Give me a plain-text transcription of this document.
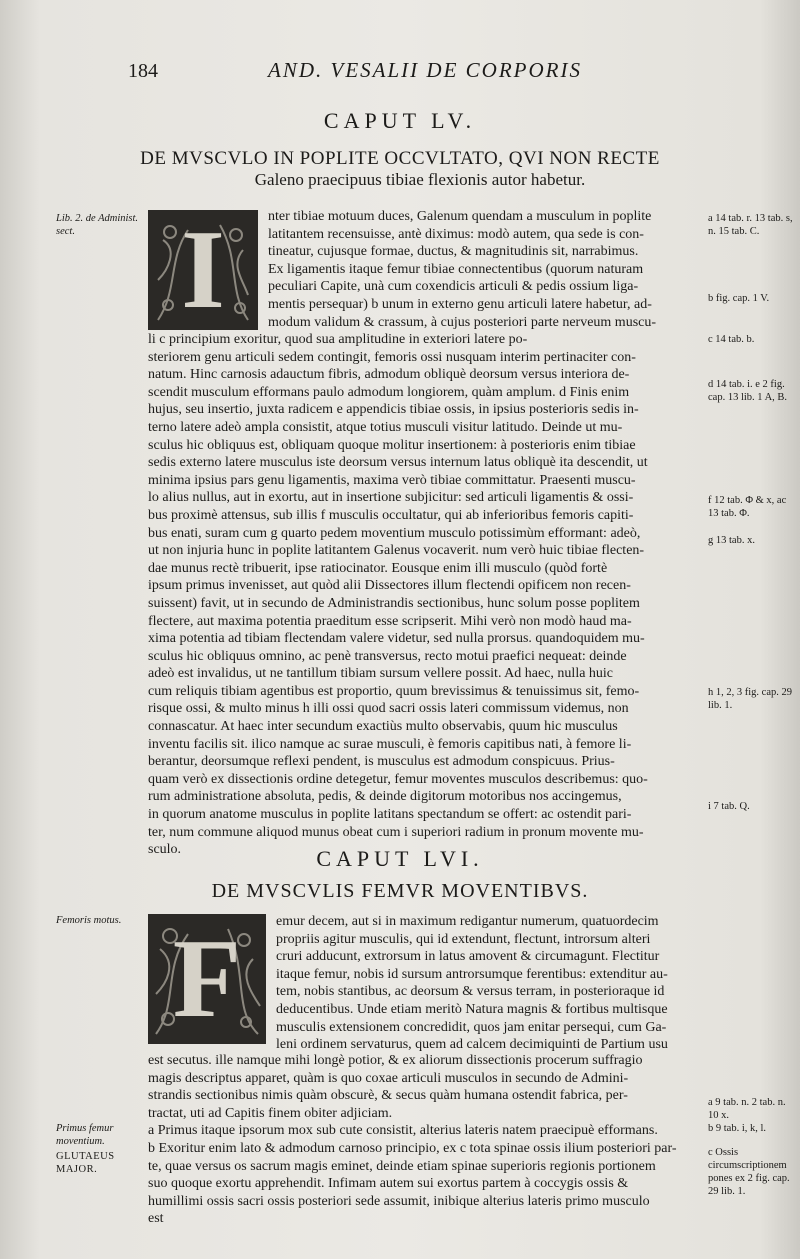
184	AND. VESALII DE CORPORIS
CAPUT LV.
DE MVSCVLO IN POPLITE OCCVLTATO, QVI NON RECTE
Galeno praecipuus tibiae flexionis autor habetur.
I	nter tibiae motuum duces, Galenum quendam a musculum in poplite

latitantem recensuisse, antè diximus: modò autem, qua sede is con-

tineatur, cujusque formae, ductus, & magnitudinis sit, narrabimus.

Ex ligamentis itaque femur tibiae connectentibus (quorum naturam

peculiari Capite, unà cum coxendicis articuli & pedis ossium liga-

mentis persequar) b unum in externo genu articuli latere habetur, ad-

modum validum & crassum, à cujus posteriori parte nerveum muscu-

li c principium exoritur, quod sua amplitudine in exteriori latere po-

steriorem genu articuli sedem contingit, femoris ossi nusquam interim pertinaciter con-

natum. Hinc carnosis adauctum fibris, admodum obliquè deorsum versus interiora de-

scendit musculum efformans paulo admodum longiorem, quàm amplum. d Finis enim

hujus, seu insertio, juxta radicem e appendicis tibiae ossis, in ipsius posterioris sedis in-

terno latere adeò ampla consistit, atque totius musculi visitur latitudo. Deinde ut mu-

sculus hic obliquus est, obliquam quoque molitur insertionem: à posterioris enim tibiae

sedis externo latere musculus iste deorsum versus internum latus obliquè ita descendit, ut

minima ipsius pars genu ligamentis, maxima verò tibiae committatur. Praesenti muscu-

lo alius nullus, aut in exortu, aut in insertione subjicitur: sed articuli ligamentis & ossi-

bus proximè attensus, sub illis f musculis occultatur, qui ab inferioribus femoris capiti-

bus enati, suram cum g quarto pedem moventium musculo potissimùm efformant: adeò,

ut non injuria hunc in poplite latitantem Galenus vocaverit. num verò huic tibiae flecten-

dae munus rectè tribuerit, ipse ratiocinator. Eousque enim illi musculo (quòd fortè

ipsum primus invenisset, aut quòd alii Dissectores illum flectendi opificem non recen-

suissent) favit, ut in secundo de Administrandis sectionibus, hunc solum posse poplitem

flectere, aut maxima potentia praeditum esse scripserit. Mihi verò non modò haud ma-

xima potentia ad tibiam flectendam valere videtur, sed nulla prorsus. quandoquidem mu-

sculus hic obliquus omnino, ac penè transversus, recto motui praefici nequeat: deinde

adeò est invalidus, ut ne tantillum tibiam sursum vellere possit. Ad haec, nulla huic

cum reliquis tibiam agentibus est proportio, quum brevissimus & tenuissimus sit, femo-

risque ossi, & multo minus h illi ossi quod sacri ossis lateri commissum videmus, non

connascatur. At haec inter secundum exactiùs multo observabis, quum hic musculus

inventu facilis sit. ilico namque ac surae musculi, è femoris capitibus nati, à femore li-

berantur, deorsumque reflexi pendent, is musculus est admodum conspicuus. Prius-

quam verò ex dissectionis ordine detegetur, femur moventes musculos describemus: quo-

rum administratione absoluta, pedis, & deinde digitorum motoribus nos accingemus,

in quorum anatome musculus in poplite latitans spectandum se offert: ac ostendit pari-

ter, num commune aliquod munus obeat cum i superiori radium in pronum movente mu-

sculo.	CAPUT LVI.
DE MVSCVLIS FEMVR MOVENTIBVS.
F	emur decem, aut si in maximum redigantur numerum, quatuordecim

propriis agitur musculis, qui id extendunt, flectunt, introrsum alteri

cruri adducunt, extrorsum in latus amovent & circumagunt. Flectitur

itaque femur, nobis id sursum antrorsumque ferentibus: extenditur au-

tem, nobis stantibus, ac deorsum & versus terram, in posterioraque id

deducentibus. Unde etiam meritò Natura magnis & fortibus multisque

musculis extensionem concredidit, quos jam enitar persequi, cum Ga-

leni ordinem servaturus, quem ad calcem decimiquinti de Partium usu

est secutus. ille namque mihi longè potior, & ex aliorum dissectionis procerum suffragio

magis descriptus apparet, quàm is quo coxae articuli musculos in secundo de Admini-

strandis sectionibus nimis quàm obscurè, & secus quàm humana ostendit fabrica, per-

tractat, uti ad Capitis finem obiter adjiciam.

a Primus itaque ipsorum mox sub cute consistit, alterius lateris natem praecipuè efformans.

b Exoritur enim lato & admodum carnoso principio, ex c tota spinae ossis ilium posteriori par-

te, quae versus os sacrum magis eminet, deinde etiam spinae superioris regionis portionem

suo quoque exortu apprehendit. Infimam autem sui exortus partem à coccygis ossis &

humillimi ossis sacri ossis posteriori sede assumit, inibique alterius lateris primo musculo

est

Lib. 2. de Administ. sect.
Femoris motus.
Primus femur moventium.
GLUTAEUS MAJOR.
a 14 tab. r. 13 tab. s, n. 15 tab. C.
b fig. cap. 1 V.
c 14 tab. b.
d 14 tab. i. e 2 fig. cap. 13 lib. 1 A, B.
f 12 tab. Φ & x, ac 13 tab. Φ.
g 13 tab. x.
h 1, 2, 3 fig. cap. 29 lib. 1.
i 7 tab. Q.
a 9 tab. n. 2 tab. n. 10 x.
b 9 tab. i, k, l.
c Ossis circumscriptionem pones ex 2 fig. cap. 29 lib. 1.
